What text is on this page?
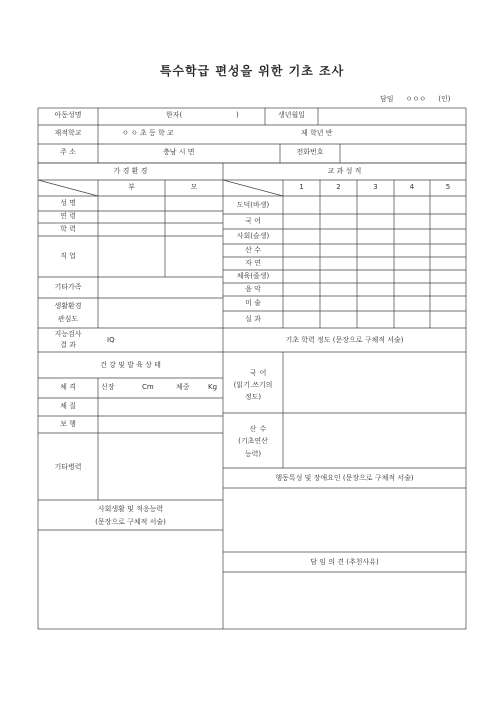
특수학급 편성을 위한 기초 조사
담임 ㅇㅇㅇ (인)
아동성명	한자(	)	생년월일
재적학교	ㅇ ㅇ 초 등 학 교	제 학년 반
주 소	충남 시 면	전화번호
가 경 환 경
부	모
성 명
연 령
학 력
직 업
기타가족
생활환경
관심도
지능검사
결 과
IQ
건 강 및 발 육 상 태
체 격	신장	Cm	체중	Kg
체 질
보 행
기타병력
사회생활 및 적응능력
(문장으로 구체적 서술)
교 과 성 적
1	2	3	4	5
도덕(바생)
국 어
사회(슬생)
산 수
자 연
체육(즐생)
음 악
미 술
실 과
기초 학력 정도 (문장으로 구체적 서술)
국 어
(읽기.쓰기의
정도)
산 수
(기초연산
능력)
행동특성 및 장애요인 (문장으로 구체적 서술)
담 임 의 견 (추천사유)
